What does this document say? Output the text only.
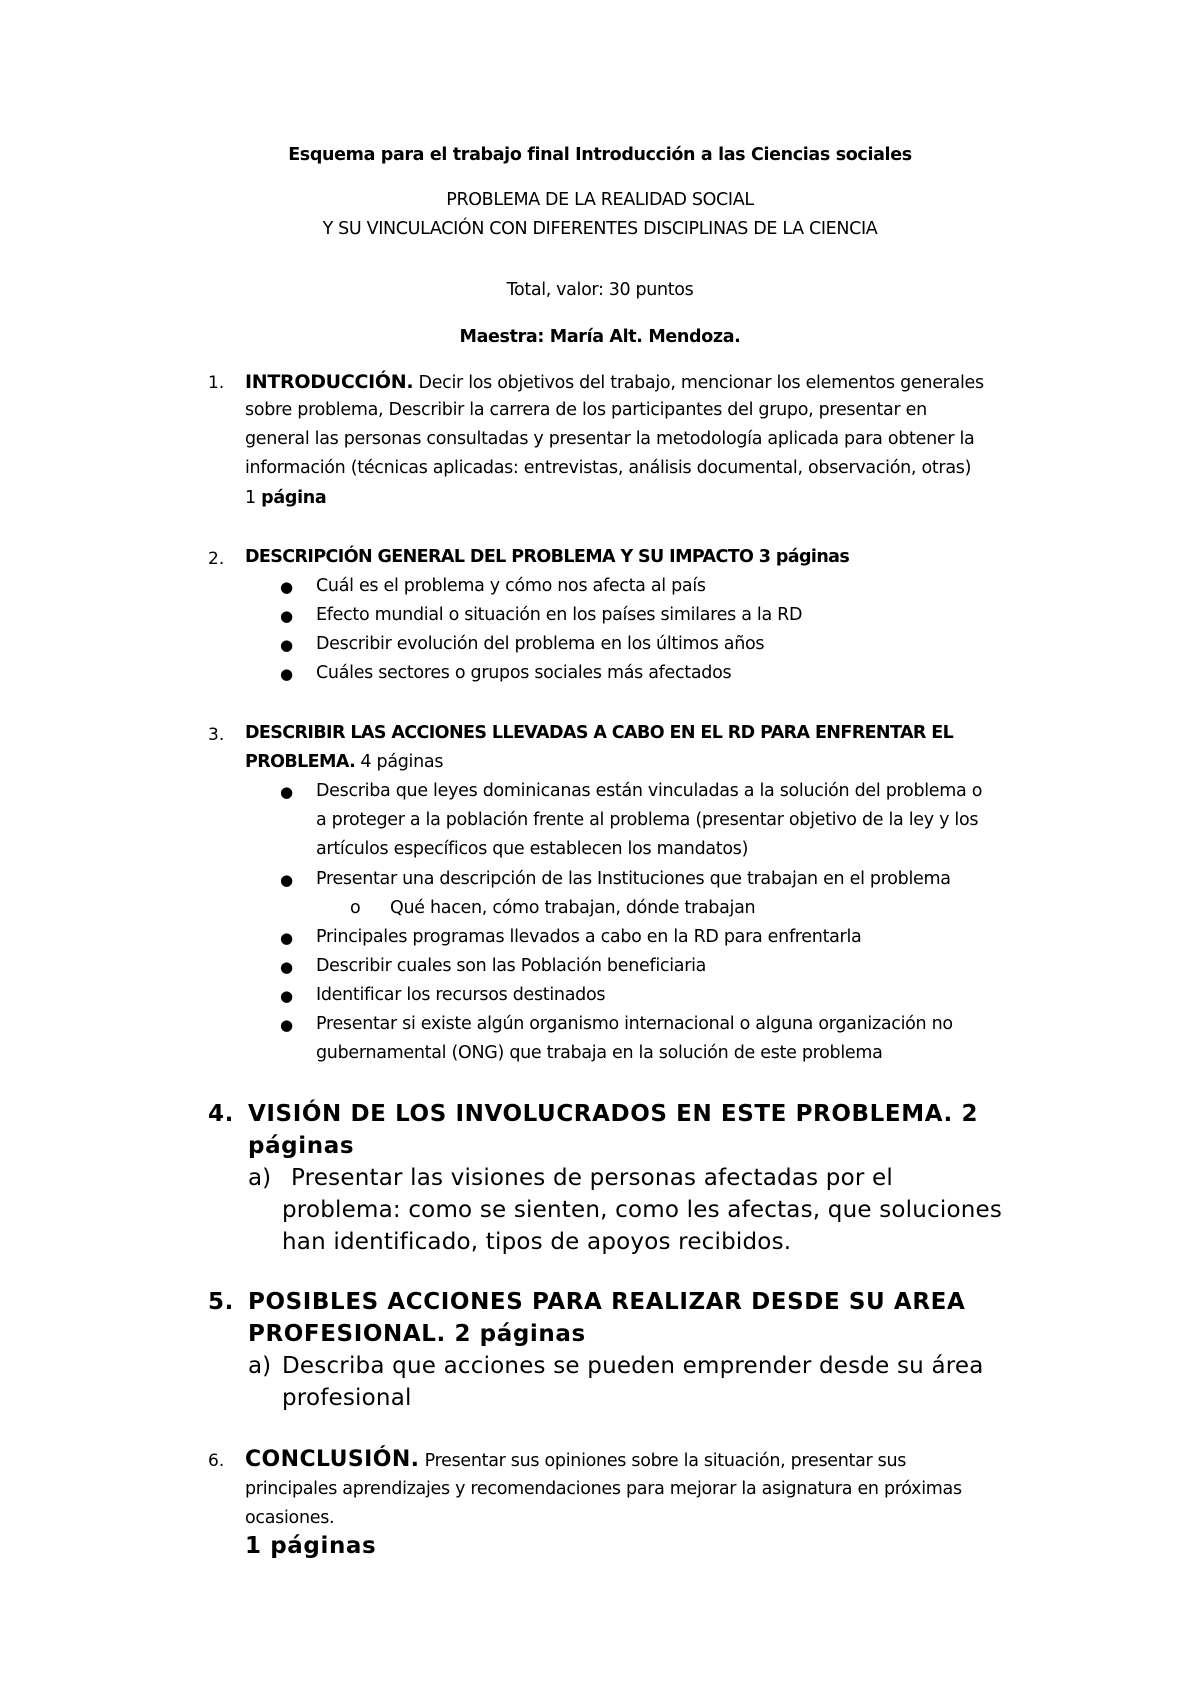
Esquema para el trabajo final Introducción a las Ciencias sociales
PROBLEMA DE LA REALIDAD SOCIAL
Y SU VINCULACIÓN CON DIFERENTES DISCIPLINAS DE LA CIENCIA
Total, valor: 30 puntos
Maestra: María Alt. Mendoza.
1. INTRODUCCIÓN. Decir los objetivos del trabajo, mencionar los elementos generales
sobre problema, Describir la carrera de los participantes del grupo, presentar en
general las personas consultadas y presentar la metodología aplicada para obtener la
información (técnicas aplicadas: entrevistas, análisis documental, observación, otras)
1 página
2. DESCRIPCIÓN GENERAL DEL PROBLEMA Y SU IMPACTO 3 páginas
● Cuál es el problema y cómo nos afecta al país
● Efecto mundial o situación en los países similares a la RD
● Describir evolución del problema en los últimos años
● Cuáles sectores o grupos sociales más afectados
3. DESCRIBIR LAS ACCIONES LLEVADAS A CABO EN EL RD PARA ENFRENTAR EL
PROBLEMA. 4 páginas
● Describa que leyes dominicanas están vinculadas a la solución del problema o
a proteger a la población frente al problema (presentar objetivo de la ley y los
artículos específicos que establecen los mandatos)
● Presentar una descripción de las Instituciones que trabajan en el problema
o Qué hacen, cómo trabajan, dónde trabajan
● Principales programas llevados a cabo en la RD para enfrentarla
● Describir cuales son las Población beneficiaria
● Identificar los recursos destinados
● Presentar si existe algún organismo internacional o alguna organización no
gubernamental (ONG) que trabaja en la solución de este problema
4. VISIÓN DE LOS INVOLUCRADOS EN ESTE PROBLEMA. 2
páginas
a) Presentar las visiones de personas afectadas por el
problema: como se sienten, como les afectas, que soluciones
han identificado, tipos de apoyos recibidos.
5. POSIBLES ACCIONES PARA REALIZAR DESDE SU AREA
PROFESIONAL. 2 páginas
a) Describa que acciones se pueden emprender desde su área
profesional
6. CONCLUSIÓN. Presentar sus opiniones sobre la situación, presentar sus
principales aprendizajes y recomendaciones para mejorar la asignatura en próximas
ocasiones.
1 páginas
